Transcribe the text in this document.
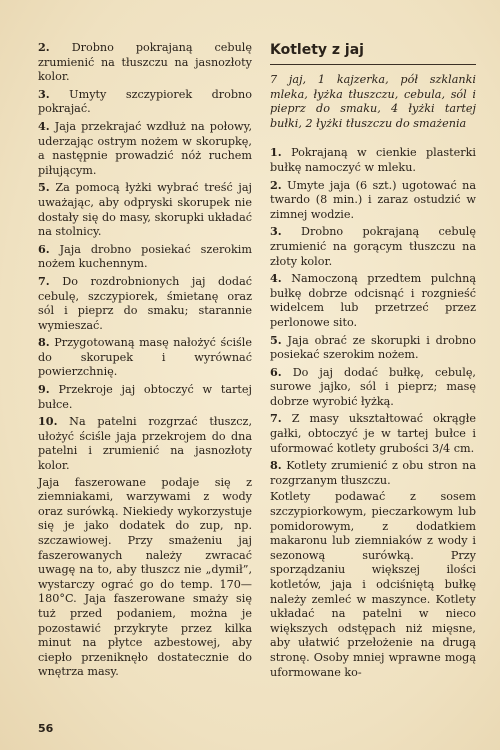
2. Drobno pokrajaną cebulę zrumienić na tłuszczu na jasnozłoty kolor.

3. Umyty szczypiorek drobno pokrajać.

4. Jaja przekrajać wzdłuż na połowy, uderzając ostrym nożem w skorupkę, a następnie prowadzić nóż ruchem piłującym.

5. Za pomocą łyżki wybrać treść jaj uważając, aby odpryski skorupek nie dostały się do masy, skorupki układać na stolnicy.

6. Jaja drobno posiekać szerokim nożem kuchennym.

7. Do rozdrobnionych jaj dodać cebulę, szczypiorek, śmietanę oraz sól i pieprz do smaku; starannie wymieszać.

8. Przygotowaną masę nałożyć ściśle do skorupek i wyrównać powierzchnię.

9. Przekroje jaj obtoczyć w tartej bułce.

10. Na patelni rozgrzać tłuszcz, ułożyć ściśle jaja przekrojem do dna patelni i zrumienić na jasnozłoty kolor.

Jaja faszerowane podaje się z ziemniakami, warzywami z wody oraz surówką. Niekiedy wykorzystuje się je jako dodatek do zup, np. szczawiowej. Przy smażeniu jaj faszerowanych należy zwracać uwagę na to, aby tłuszcz nie „dymił”, wystarczy ograć go do temp. 170—180°C. Jaja faszerowane smaży się tuż przed podaniem, można je pozostawić przykryte przez kilka minut na płytce azbestowej, aby ciepło przeniknęło dostatecznie do wnętrza masy.

Kotlety z jaj

7 jaj, 1 kajzerka, pół szklanki mleka, łyżka tłuszczu, cebula, sól i pieprz do smaku, 4 łyżki tartej bułki, 2 łyżki tłuszczu do smażenia

1. Pokrajaną w cienkie plasterki bułkę namoczyć w mleku.

2. Umyte jaja (6 szt.) ugotować na twardo (8 min.) i zaraz ostudzić w zimnej wodzie.

3. Drobno pokrajaną cebulę zrumienić na gorącym tłuszczu na złoty kolor.

4. Namoczoną przedtem pulchną bułkę dobrze odcisnąć i rozgnieść widelcem lub przetrzeć przez perlonowe sito.

5. Jaja obrać ze skorupki i drobno posiekać szerokim nożem.

6. Do jaj dodać bułkę, cebulę, surowe jajko, sól i pieprz; masę dobrze wyrobić łyżką.

7. Z masy ukształtować okrągłe gałki, obtoczyć je w tartej bułce i uformować kotlety grubości 3/4 cm.

8. Kotlety zrumienić z obu stron na rozgrzanym tłuszczu.

Kotlety podawać z sosem szczypiorkowym, pieczarkowym lub pomidorowym, z dodatkiem makaronu lub ziemniaków z wody i sezonową surówką. Przy sporządzaniu większej ilości kotletów, jaja i odciśniętą bułkę należy zemleć w maszynce. Kotlety układać na patelni w nieco większych odstępach niż mięsne, aby ułatwić przełożenie na drugą stronę. Osoby mniej wprawne mogą uformowane ko-

56
